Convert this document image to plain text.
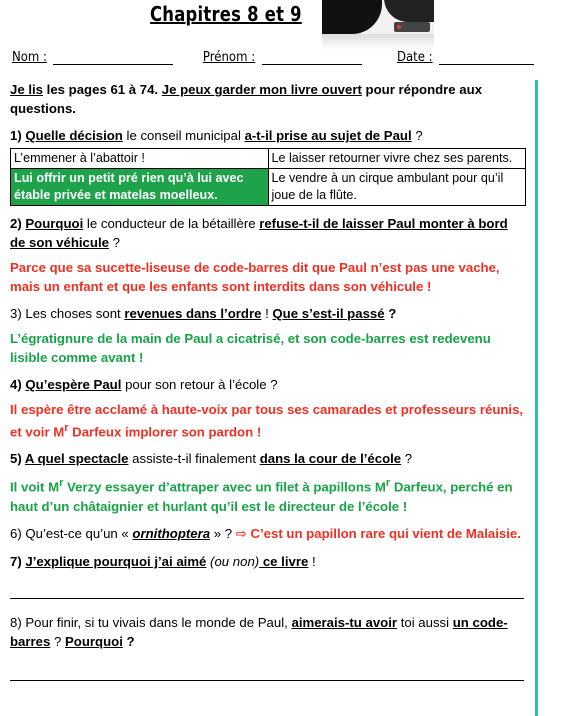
Chapitres 8 et 9
Nom :	Prénom :	Date :

Je lis les pages 61 à 74. Je peux garder mon livre ouvert pour répondre aux questions.

1) Quelle décision le conseil municipal a-t-il prise au sujet de Paul ?

L’emmener à l’abattoir !	Le laisser retourner vivre chez ses parents.
Lui offrir un petit pré rien qu’à lui avec étable privée et matelas moelleux.	Le vendre à un cirque ambulant pour qu’il joue de la flûte.

2) Pourquoi le conducteur de la bétaillère refuse-t-il de laisser Paul monter à bord de son véhicule ?

Parce que sa sucette-liseuse de code-barres dit que Paul n’est pas une vache, mais un enfant et que les enfants sont interdits dans son véhicule !

3) Les choses sont revenues dans l’ordre ! Que s’est-il passé ?

L’égratignure de la main de Paul a cicatrisé, et son code-barres est redevenu lisible comme avant !

4) Qu’espère Paul pour son retour à l’école ?

Il espère être acclamé à haute-voix par tous ses camarades et professeurs réunis, et voir $M^r$ Darfeux implorer son pardon !

5) A quel spectacle assiste-t-il finalement dans la cour de l’école ?

Il voit $M^r$ Verzy essayer d’attraper avec un filet à papillons $M^r$ Darfeux, perché en haut d’un châtaignier et hurlant qu’il est le directeur de l’école !

6) Qu’est-ce qu’un « ornithoptera » ? ⇨ C’est un papillon rare qui vient de Malaisie.

7) J’explique pourquoi j’ai aimé (ou non) ce livre !

8) Pour finir, si tu vivais dans le monde de Paul, aimerais-tu avoir toi aussi un code-barres ? Pourquoi ?
